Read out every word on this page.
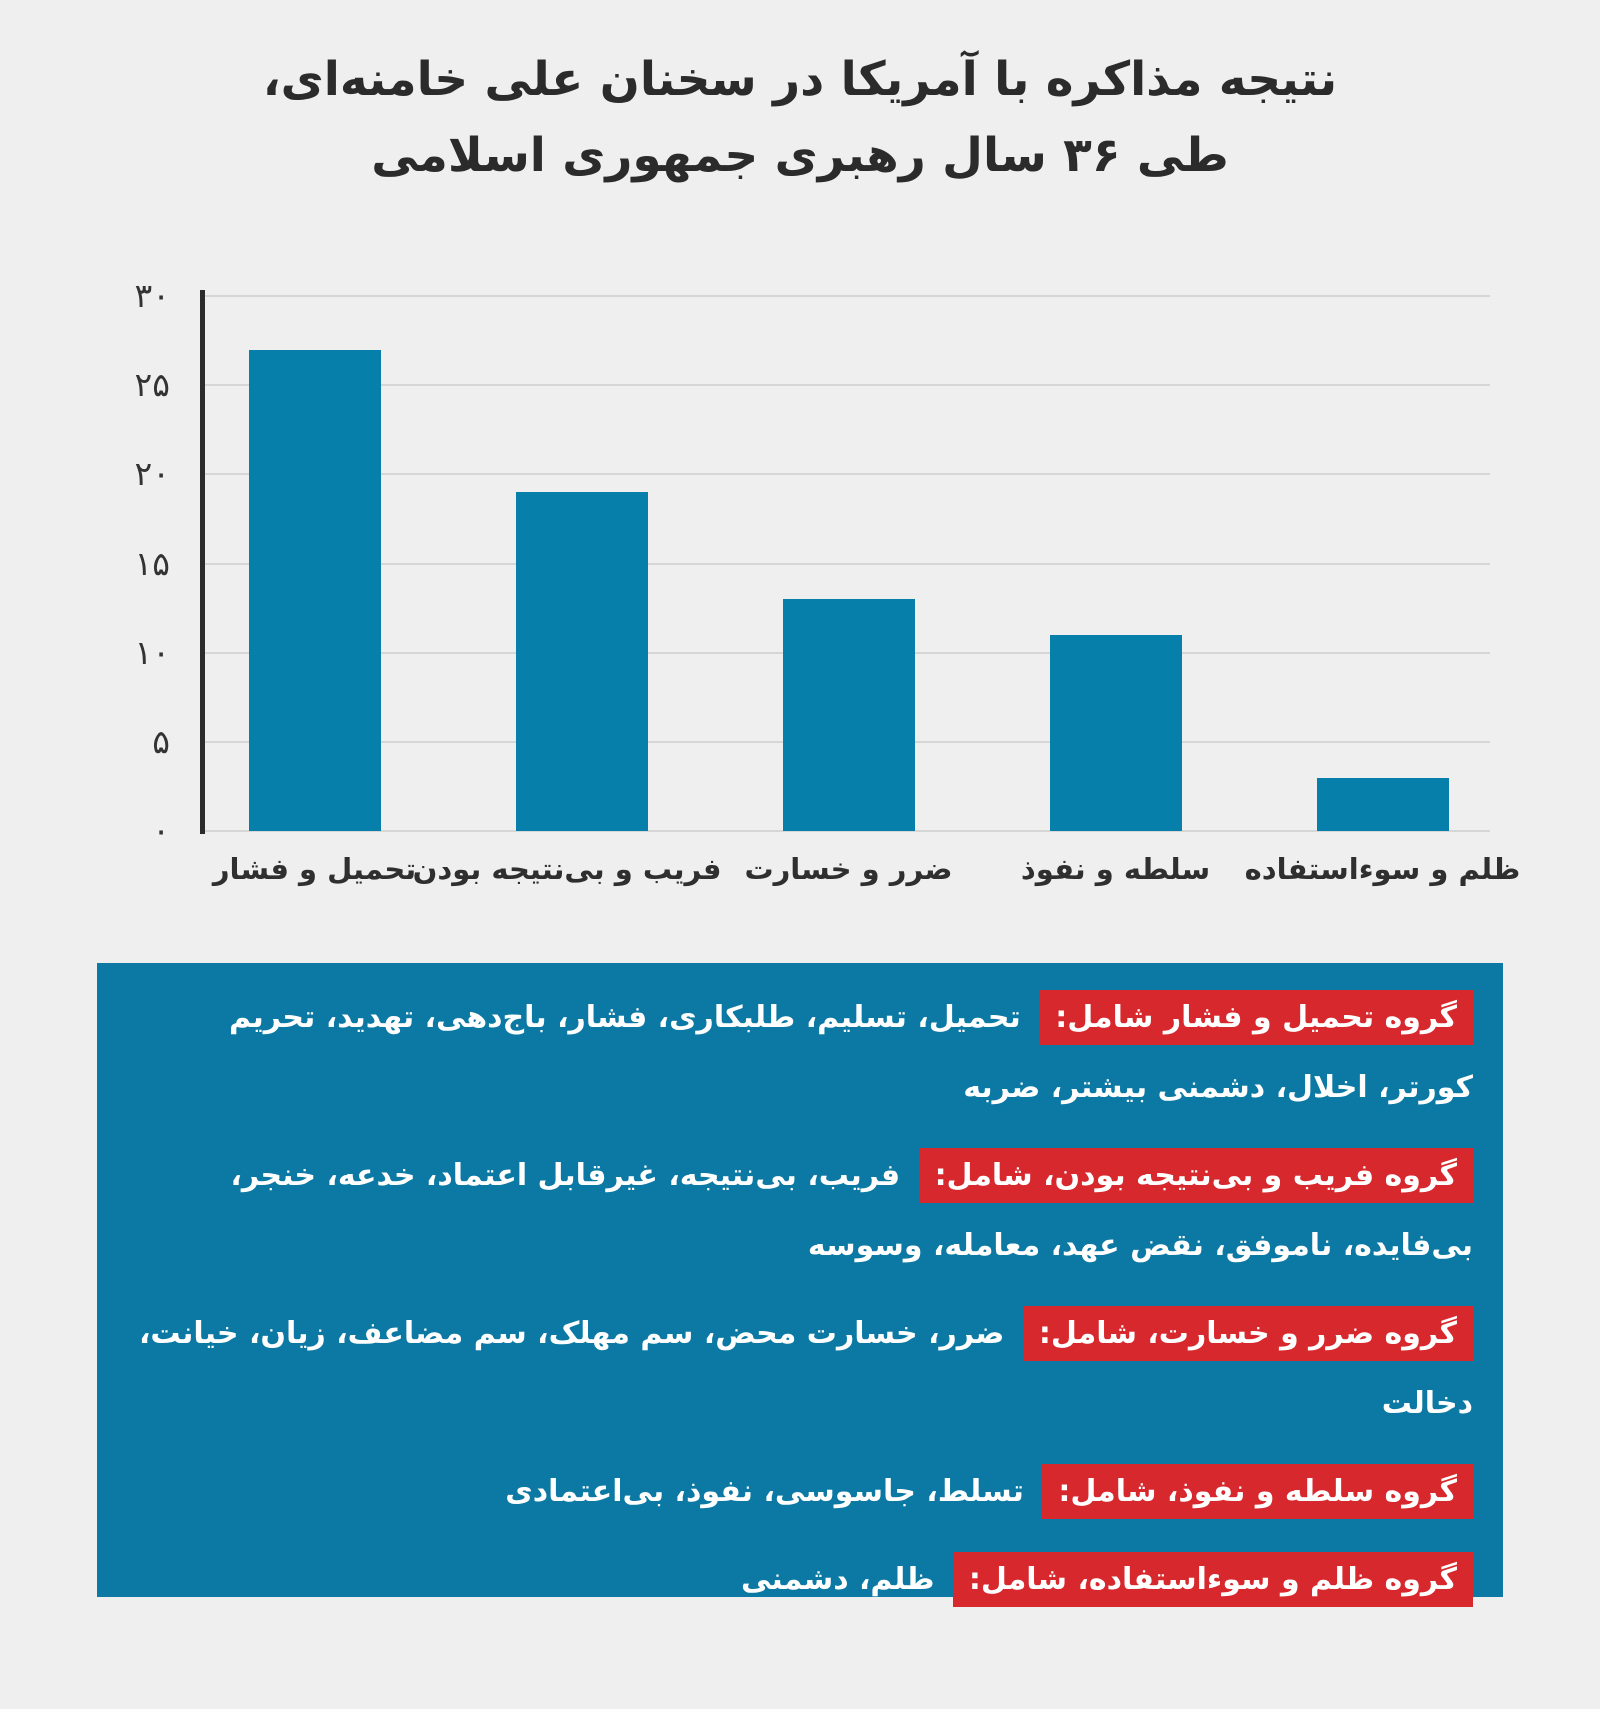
نتیجه مذاکره با آمریکا در سخنان علی خامنه‌ای،
طی ۳۶ سال رهبری جمهوری اسلامی
۰
۵
۱۰
۱۵
۲۰
۲۵
۳۰
تحمیل و فشار
فریب و بی‌نتیجه بودن ضرر و خسارت	سلطه و نفوذ	ظلم و سوءاستفاده

گروه تحمیل و فشار شامل: تحمیل، تسلیم، طلبکاری، فشار، باج‌دهی، تهدید، تحریم کورتر، اخلال، دشمنی بیشتر، ضربه

گروه فریب و بی‌نتیجه بودن، شامل: فریب، بی‌نتیجه، غیرقابل اعتماد، خدعه، خنجر، بی‌فایده، ناموفق، نقض عهد، معامله، وسوسه

گروه ضرر و خسارت، شامل: ضرر، خسارت محض، سم مهلک، سم مضاعف، زیان، خیانت، دخالت

گروه سلطه و نفوذ، شامل: تسلط، جاسوسی، نفوذ، بی‌اعتمادی

گروه ظلم و سوءاستفاده، شامل: ظلم، دشمنی
